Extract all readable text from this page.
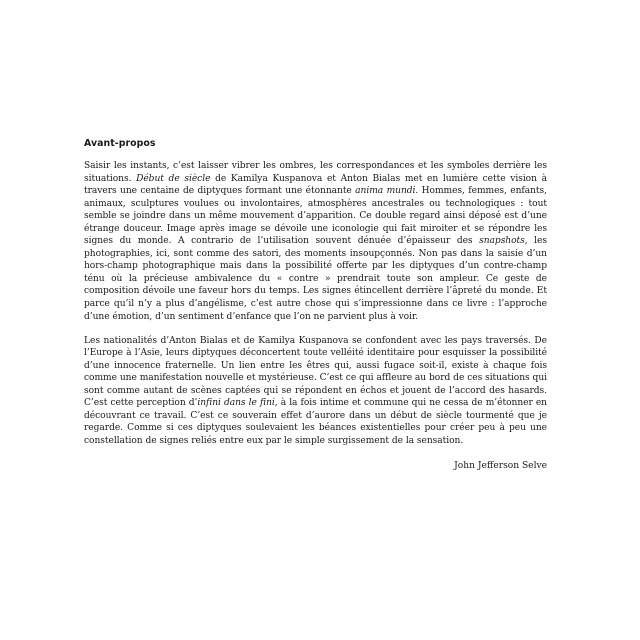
Avant-propos

Saisir les instants, c’est laisser vibrer les ombres, les correspondances et les symboles derrière les situations. Début de siècle de Kamilya Kuspanova et Anton Bialas met en lumière cette vision à travers une centaine de diptyques formant une étonnante anima mundi. Hommes, femmes, enfants, animaux, sculptures voulues ou involontaires, atmosphères ancestrales ou technologiques : tout semble se joindre dans un même mouvement d’apparition. Ce double regard ainsi déposé est d’une étrange douceur. Image après image se dévoile une iconologie qui fait miroiter et se répondre les signes du monde. A contrario de l’utilisation souvent dénuée d’épaisseur des snapshots, les photographies, ici, sont comme des satori, des moments insoupçonnés. Non pas dans la saisie d’un hors-champ photographique mais dans la possibilité offerte par les diptyques d’un contre-champ ténu où la précieuse ambivalence du « contre » prendrait toute son ampleur. Ce geste de composition dévoile une faveur hors du temps. Les signes étincellent derrière l’âpreté du monde. Et parce qu’il n’y a plus d’angélisme, c’est autre chose qui s’impressionne dans ce livre : l’approche d’une émotion, d’un sentiment d’enfance que l’on ne parvient plus à voir.

Les nationalités d’Anton Bialas et de Kamilya Kuspanova se confondent avec les pays traversés. De l’Europe à l’Asie, leurs diptyques déconcertent toute velléité identitaire pour esquisser la possibilité d’une innocence fraternelle. Un lien entre les êtres qui, aussi fugace soit-il, existe à chaque fois comme une manifestation nouvelle et mystérieuse. C’est ce qui affleure au bord de ces situations qui sont comme autant de scènes captées qui se répondent en échos et jouent de l’accord des hasards. C’est cette perception d’infini dans le fini, à la fois intime et commune qui ne cessa de m’étonner en découvrant ce travail. C’est ce souverain effet d’aurore dans un début de siècle tourmenté que je regarde. Comme si ces diptyques soulevaient les béances existentielles pour créer peu à peu une constellation de signes reliés entre eux par le simple surgissement de la sensation.

John Jefferson Selve
